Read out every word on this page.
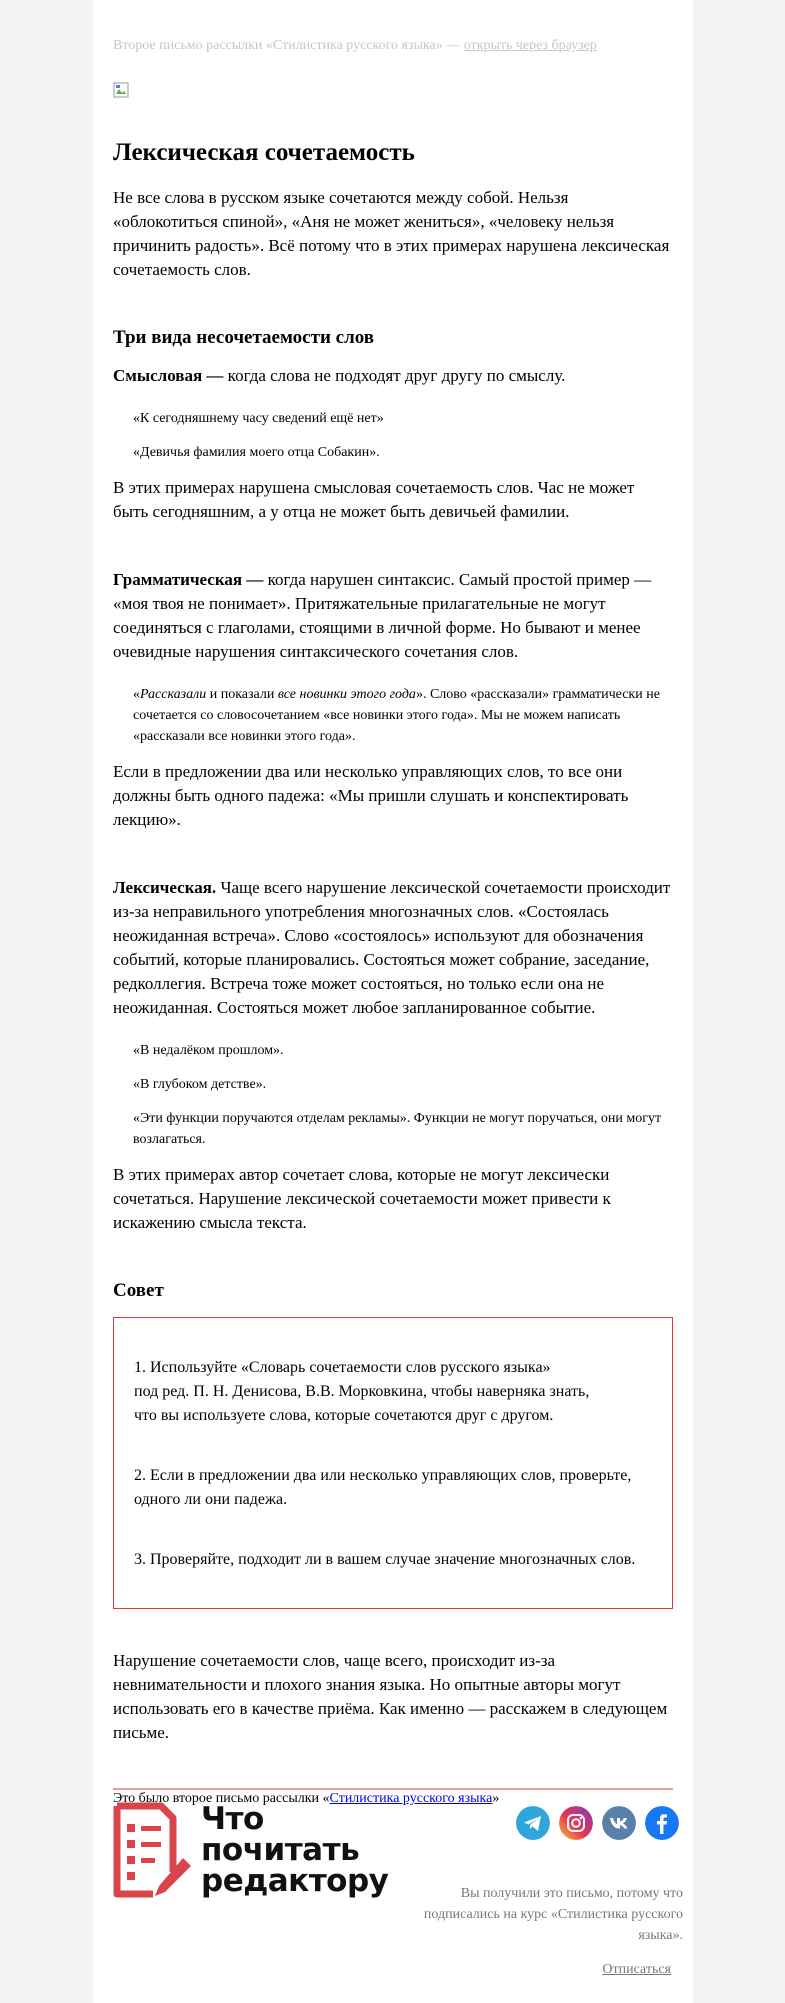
Второе письмо рассылки «Стилистика русского языка» — открыть через браузер
Лексическая сочетаемость

Не все слова в русском языке сочетаются между собой. Нельзя «облокотиться спиной», «Аня не может жениться», «человеку нельзя причинить радость». Всё потому что в этих примерах нарушена лексическая сочетаемость слов.

Три вида несочетаемости слов

Смысловая — когда слова не подходят друг другу по смыслу.

«К сегодняшнему часу сведений ещё нет»

«Девичья фамилия моего отца Собакин».

В этих примерах нарушена смысловая сочетаемость слов. Час не может быть сегодняшним, а у отца не может быть девичьей фамилии.

Грамматическая — когда нарушен синтаксис. Самый простой пример — «моя твоя не понимает». Притяжательные прилагательные не могут соединяться с глаголами, стоящими в личной форме. Но бывают и менее очевидные нарушения синтаксического сочетания слов.

«Рассказали и показали все новинки этого года». Слово «рассказали» грамматически не сочетается со словосочетанием «все новинки этого года». Мы не можем написать «рассказали все новинки этого года».

Если в предложении два или несколько управляющих слов, то все они должны быть одного падежа: «Мы пришли слушать и конспектировать лекцию».

Лексическая. Чаще всего нарушение лексической сочетаемости происходит из-за неправильного употребления многозначных слов. «Состоялась неожиданная встреча». Слово «состоялось» используют для обозначения событий, которые планировались. Состояться может собрание, заседание, редколлегия. Встреча тоже может состояться, но только если она не неожиданная. Состояться может любое запланированное событие.

«В недалёком прошлом».

«В глубоком детстве».

«Эти функции поручаются отделам рекламы». Функции не могут поручаться, они могут возлагаться.

В этих примерах автор сочетает слова, которые не могут лексически сочетаться. Нарушение лексической сочетаемости может привести к искажению смысла текста.

Совет

1. Используйте «Словарь сочетаемости слов русского языка»
под ред. П. Н. Денисова, В.В. Морковкина, чтобы наверняка знать,
что вы используете слова, которые сочетаются друг с другом.

2. Если в предложении два или несколько управляющих слов, проверьте, одного ли они падежа.

3. Проверяйте, подходит ли в вашем случае значение многозначных слов.

Нарушение сочетаемости слов, чаще всего, происходит из-за невнимательности и плохого знания языка. Но опытные авторы могут использовать его в качестве приёма. Как именно — расскажем в следующем письме.

Это было второе письмо рассылки «Стилистика русского языка»

Что
почитать
редактору	Вы получили это письмо, потому что подписались на курс «Стилистика русского языка».
Отписаться
